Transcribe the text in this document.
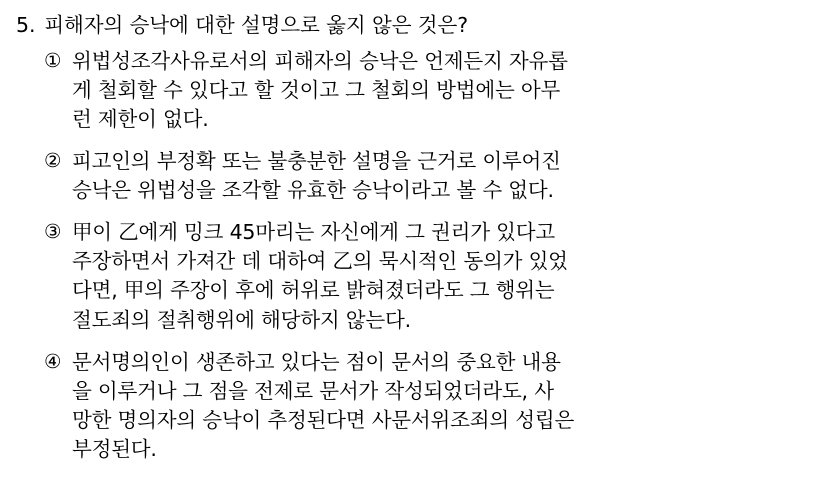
5. 피해자의 승낙에 대한 설명으로 옳지 않은 것은?
① 위법성조각사유로서의 피해자의 승낙은 언제든지 자유롭
게 철회할 수 있다고 할 것이고 그 철회의 방법에는 아무
런 제한이 없다.
② 피고인의 부정확 또는 불충분한 설명을 근거로 이루어진
승낙은 위법성을 조각할 유효한 승낙이라고 볼 수 없다.
③ 甲이 乙에게 밍크 45마리는 자신에게 그 권리가 있다고
주장하면서 가져간 데 대하여 乙의 묵시적인 동의가 있었
다면, 甲의 주장이 후에 허위로 밝혀졌더라도 그 행위는
절도죄의 절취행위에 해당하지 않는다.
④ 문서명의인이 생존하고 있다는 점이 문서의 중요한 내용
을 이루거나 그 점을 전제로 문서가 작성되었더라도, 사
망한 명의자의 승낙이 추정된다면 사문서위조죄의 성립은
부정된다.
